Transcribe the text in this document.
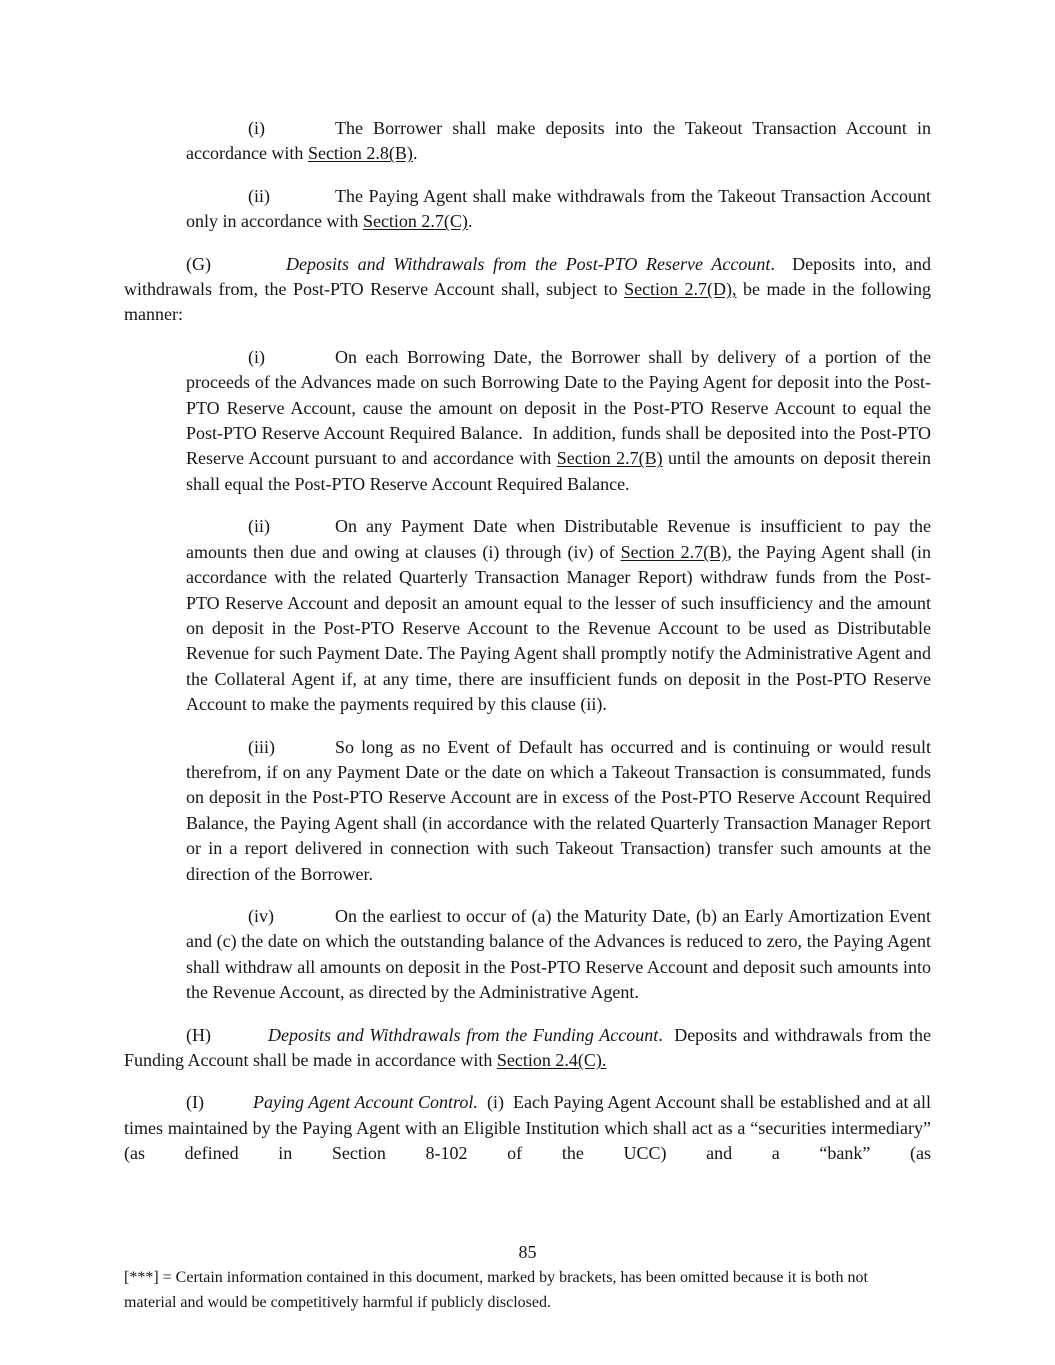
(i)	The Borrower shall make deposits into the Takeout Transaction Account in accordance with Section 2.8(B).

(ii)	The Paying Agent shall make withdrawals from the Takeout Transaction Account only in accordance with Section 2.7(C).

(G)	Deposits and Withdrawals from the Post-PTO Reserve Account.  Deposits into, and withdrawals from, the Post-PTO Reserve Account shall, subject to Section 2.7(D), be made in the following manner:

(i)	On each Borrowing Date, the Borrower shall by delivery of a portion of the proceeds of the Advances made on such Borrowing Date to the Paying Agent for deposit into the Post-PTO Reserve Account, cause the amount on deposit in the Post-PTO Reserve Account to equal the Post-PTO Reserve Account Required Balance.  In addition, funds shall be deposited into the Post-PTO Reserve Account pursuant to and accordance with Section 2.7(B) until the amounts on deposit therein shall equal the Post-PTO Reserve Account Required Balance.

(ii)	On any Payment Date when Distributable Revenue is insufficient to pay the amounts then due and owing at clauses (i) through (iv) of Section 2.7(B), the Paying Agent shall (in accordance with the related Quarterly Transaction Manager Report) withdraw funds from the Post-PTO Reserve Account and deposit an amount equal to the lesser of such insufficiency and the amount on deposit in the Post-PTO Reserve Account to the Revenue Account to be used as Distributable Revenue for such Payment Date. The Paying Agent shall promptly notify the Administrative Agent and the Collateral Agent if, at any time, there are insufficient funds on deposit in the Post-PTO Reserve Account to make the payments required by this clause (ii).

(iii)	So long as no Event of Default has occurred and is continuing or would result therefrom, if on any Payment Date or the date on which a Takeout Transaction is consummated, funds on deposit in the Post-PTO Reserve Account are in excess of the Post-PTO Reserve Account Required Balance, the Paying Agent shall (in accordance with the related Quarterly Transaction Manager Report or in a report delivered in connection with such Takeout Transaction) transfer such amounts at the direction of the Borrower.

(iv)	On the earliest to occur of (a) the Maturity Date, (b) an Early Amortization Event and (c) the date on which the outstanding balance of the Advances is reduced to zero, the Paying Agent shall withdraw all amounts on deposit in the Post-PTO Reserve Account and deposit such amounts into the Revenue Account, as directed by the Administrative Agent.

(H)	Deposits and Withdrawals from the Funding Account.  Deposits and withdrawals from the Funding Account shall be made in accordance with Section 2.4(C).

(I)	Paying Agent Account Control.  (i)  Each Paying Agent Account shall be established and at all times maintained by the Paying Agent with an Eligible Institution which shall act as a “securities intermediary” (as defined in Section 8-102 of the UCC) and a “bank” (as

85
[***] = Certain information contained in this document, marked by brackets, has been omitted because it is both not
material and would be competitively harmful if publicly disclosed.
